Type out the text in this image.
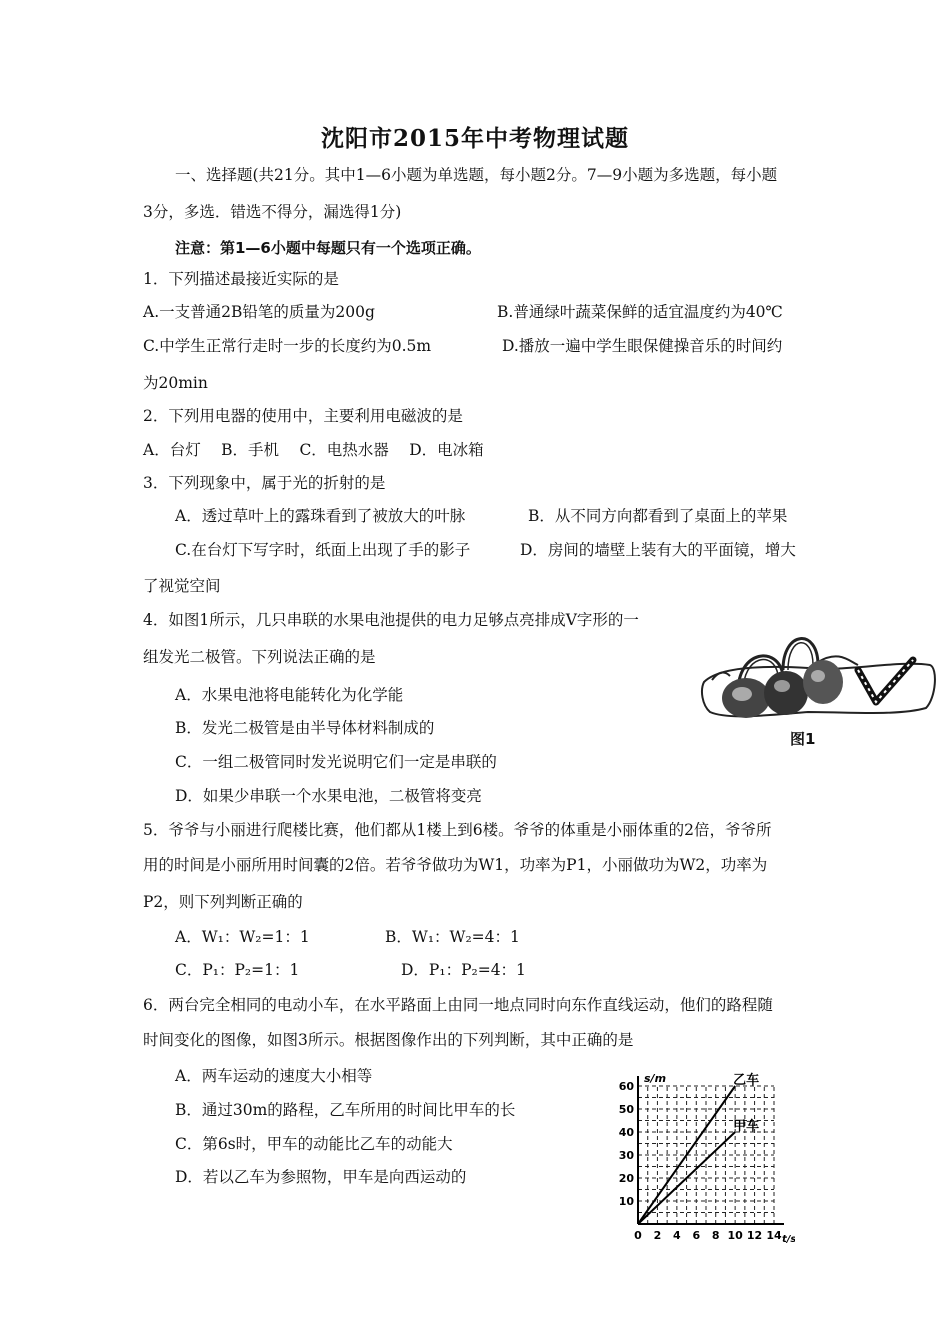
沈阳市2015年中考物理试题
一、选择题(共21分。其中1—6小题为单选题，每小题2分。7—9小题为多选题，每小题
3分，多选．错选不得分，漏选得1分)
注意：第1—6小题中每题只有一个选项正确。
1．下列描述最接近实际的是
A.一支普通2B铅笔的质量为200g	B.普通绿叶蔬菜保鲜的适宜温度约为40℃
C.中学生正常行走时一步的长度约为0.5m	D.播放一遍中学生眼保健操音乐的时间约
为20min
2．下列用电器的使用中，主要利用电磁波的是
A．台灯　 B．手机　 C．电热水器　 D．电冰箱
3．下列现象中，属于光的折射的是
A．透过草叶上的露珠看到了被放大的叶脉	B．从不同方向都看到了桌面上的苹果
C.在台灯下写字时，纸面上出现了手的影子	D．房间的墙壁上装有大的平面镜，增大
了视觉空间
4．如图1所示，几只串联的水果电池提供的电力足够点亮排成V字形的一
组发光二极管。下列说法正确的是
A．水果电池将电能转化为化学能
B．发光二极管是由半导体材料制成的
C．一组二极管同时发光说明它们一定是串联的
D．如果少串联一个水果电池，二极管将变亮
图1
5．爷爷与小丽进行爬楼比赛，他们都从1楼上到6楼。爷爷的体重是小丽体重的2倍，爷爷所
用的时间是小丽所用时间囊的2倍。若爷爷做功为W1，功率为P1，小丽做功为W2，功率为
P2，则下列判断正确的
A．W₁：W₂=1：1	B．W₁：W₂=4：1
C．P₁：P₂=1：1	D．P₁：P₂=4：1
6．两台完全相同的电动小车，在水平路面上由同一地点同时向东作直线运动，他们的路程随
时间变化的图像，如图3所示。根据图像作出的下列判断，其中正确的是
A．两车运动的速度大小相等
B．通过30m的路程，乙车所用的时间比甲车的长
C．第6s时，甲车的动能比乙车的动能大
D．若以乙车为参照物，甲车是向西运动的
0 2 4 6 8 10 12 14
10
20
30
40
50
60
s/m
t/s
乙车
甲车
